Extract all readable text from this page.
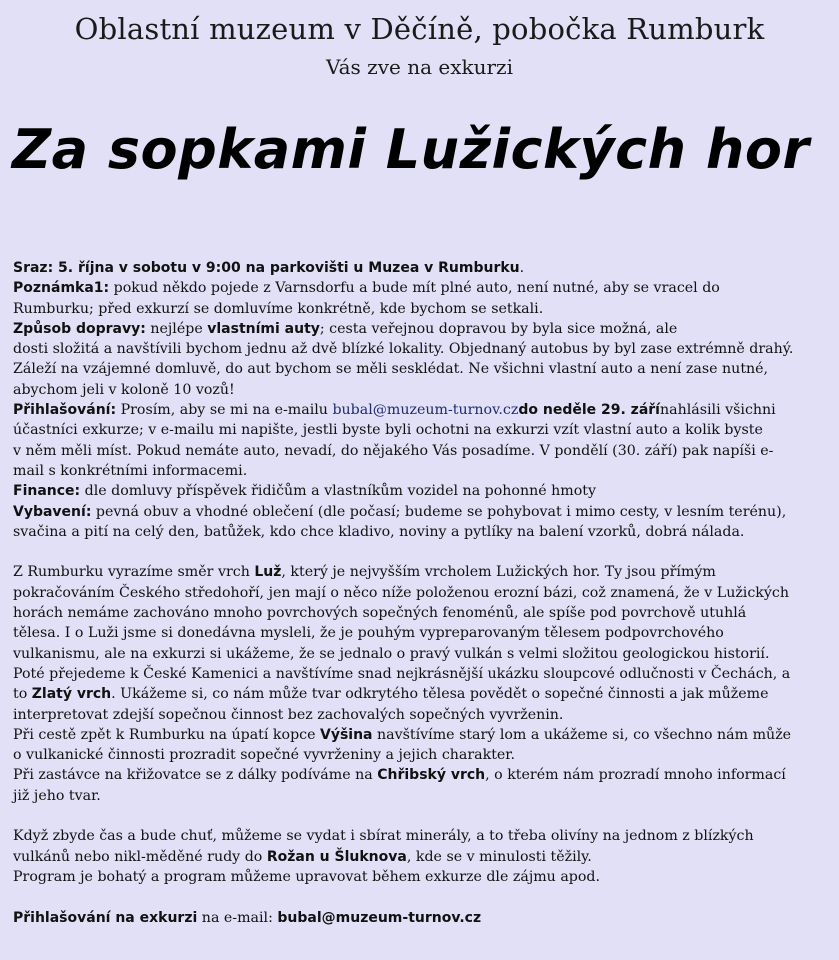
Oblastní muzeum v Děčíně, pobočka Rumburk
Vás zve na exkurzi
Za sopkami Lužických hor

Sraz: 5. října v sobotu v 9:00 na parkovišti u Muzea v Rumburku.

Poznámka1: pokud někdo pojede z Varnsdorfu a bude mít plné auto, není nutné, aby se vracel do

Rumburku; před exkurzí se domluvíme konkrétně, kde bychom se setkali.

Způsob dopravy: nejlépe vlastními auty; cesta veřejnou dopravou by byla sice možná, ale

dosti složitá a navštívili bychom jednu až dvě blízké lokality. Objednaný autobus by byl zase extrémně drahý.

Záleží na vzájemné domluvě, do aut bychom se měli sesklédat. Ne všichni vlastní auto a není zase nutné,

abychom jeli v koloně 10 vozů!

Přihlašování: Prosím, aby se mi na e-mailu bubal@muzeum-turnov.czdo neděle 29. zářínahlásili všichni

účastníci exkurze; v e-mailu mi napište, jestli byste byli ochotni na exkurzi vzít vlastní auto a kolik byste

v něm měli míst. Pokud nemáte auto, nevadí, do nějakého Vás posadíme. V pondělí (30. září) pak napíši e-

mail s konkrétními informacemi.

Finance: dle domluvy příspěvek řidičům a vlastníkům vozidel na pohonné hmoty

Vybavení: pevná obuv a vhodné oblečení (dle počasí; budeme se pohybovat i mimo cesty, v lesním terénu),

svačina a pití na celý den, batůžek, kdo chce kladivo, noviny a pytlíky na balení vzorků, dobrá nálada.

Z Rumburku vyrazíme směr vrch Luž, který je nejvyšším vrcholem Lužických hor. Ty jsou přímým

pokračováním Českého středohoří, jen mají o něco níže položenou erozní bázi, což znamená, že v Lužických

horách nemáme zachováno mnoho povrchových sopečných fenoménů, ale spíše pod povrchově utuhlá

tělesa. I o Luži jsme si donedávna mysleli, že je pouhým vypreparovaným tělesem podpovrchového

vulkanismu, ale na exkurzi si ukážeme, že se jednalo o pravý vulkán s velmi složitou geologickou historií.

Poté přejedeme k České Kamenici a navštívíme snad nejkrásnější ukázku sloupcové odlučnosti v Čechách, a

to Zlatý vrch. Ukážeme si, co nám může tvar odkrytého tělesa povědět o sopečné činnosti a jak můžeme

interpretovat zdejší sopečnou činnost bez zachovalých sopečných vyvrženin.

Při cestě zpět k Rumburku na úpatí kopce Výšina navštívíme starý lom a ukážeme si, co všechno nám může

o vulkanické činnosti prozradit sopečné vyvrženiny a jejich charakter.

Při zastávce na křižovatce se z dálky podíváme na Chřibský vrch, o kterém nám prozradí mnoho informací

již jeho tvar.

Když zbyde čas a bude chuť, můžeme se vydat i sbírat minerály, a to třeba olivíny na jednom z blízkých

vulkánů nebo nikl-měděné rudy do Rožan u Šluknova, kde se v minulosti těžily.

Program je bohatý a program můžeme upravovat během exkurze dle zájmu apod.

Přihlašování na exkurzi na e-mail: bubal@muzeum-turnov.cz
